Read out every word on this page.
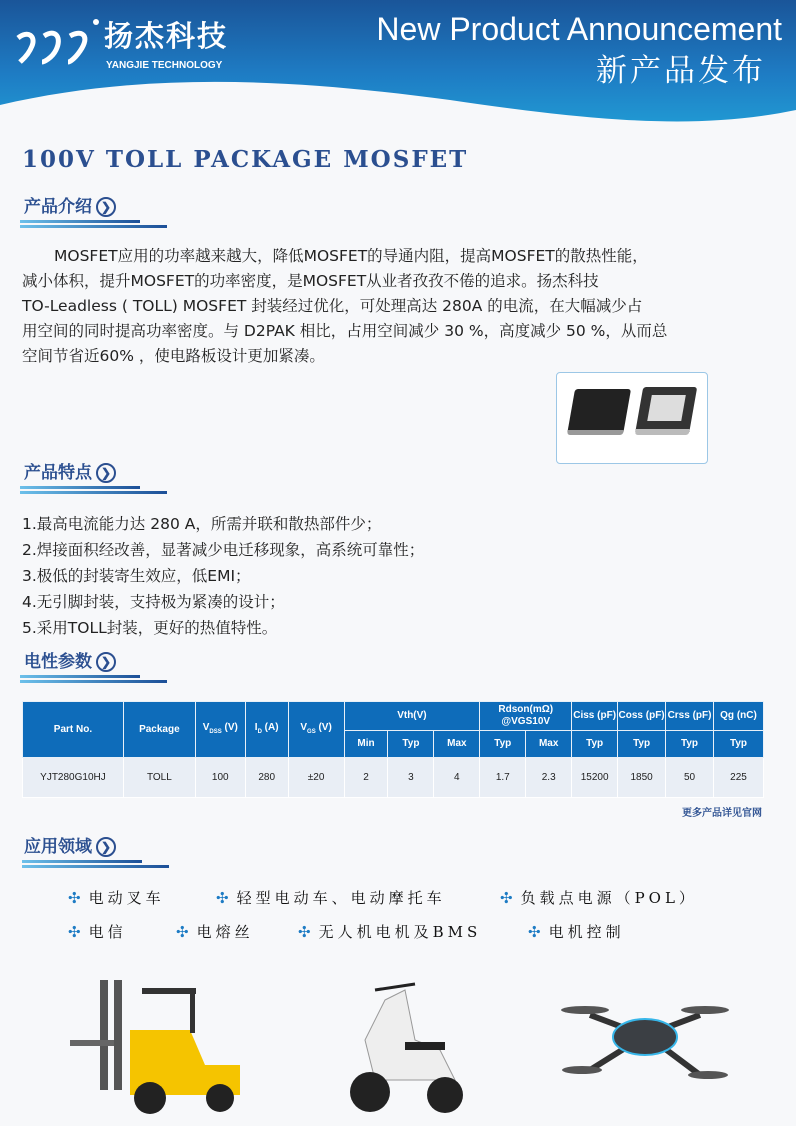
扬杰科技
YANGJIE TECHNOLOGY
New Product Announcement
新产品发布
100V TOLL PACKAGE MOSFET
产品介绍 ❯
MOSFET应用的功率越来越大，降低MOSFET的导通内阻，提高MOSFET的散热性能，
减小体积，提升MOSFET的功率密度，是MOSFET从业者孜孜不倦的追求。扬杰科技
TO-Leadless ( TOLL) MOSFET 封装经过优化，可处理高达 280A 的电流，在大幅减少占
用空间的同时提高功率密度。与 D2PAK 相比，占用空间减少 30 %，高度减少 50 %，从而总
空间节省近60% ，使电路板设计更加紧凑。
产品特点 ❯
1.最高电流能力达 280 A，所需并联和散热部件少；
2.焊接面积经改善，显著减少电迁移现象，高系统可靠性；
3.极低的封装寄生效应，低EMI；
4.无引脚封装，支持极为紧凑的设计；
5.采用TOLL封装，更好的热值特性。
电性参数 ❯
Part No.	Package	$V_{DSS}$ (V)	$I_D$ (A)	$V_{GS}$ (V)	Vth(V)			Rdson(mΩ) @VGS10V		Ciss (pF)	Coss (pF)	Crss (pF)	Qg (nC)
					Min	Typ	Max	Typ	Max	Typ	Typ	Typ	Typ
YJT280G10HJ	TOLL	100	280	±20	2	3	4	1.7	2.3	15200	1850	50	225
更多产品详见官网
应用领域 ❯
✣ 电动叉车	✣ 轻型电动车、电动摩托车	✣ 负载点电源（POL）
✣ 电信	✣ 电熔丝	✣ 无人机电机及BMS	✣ 电机控制
